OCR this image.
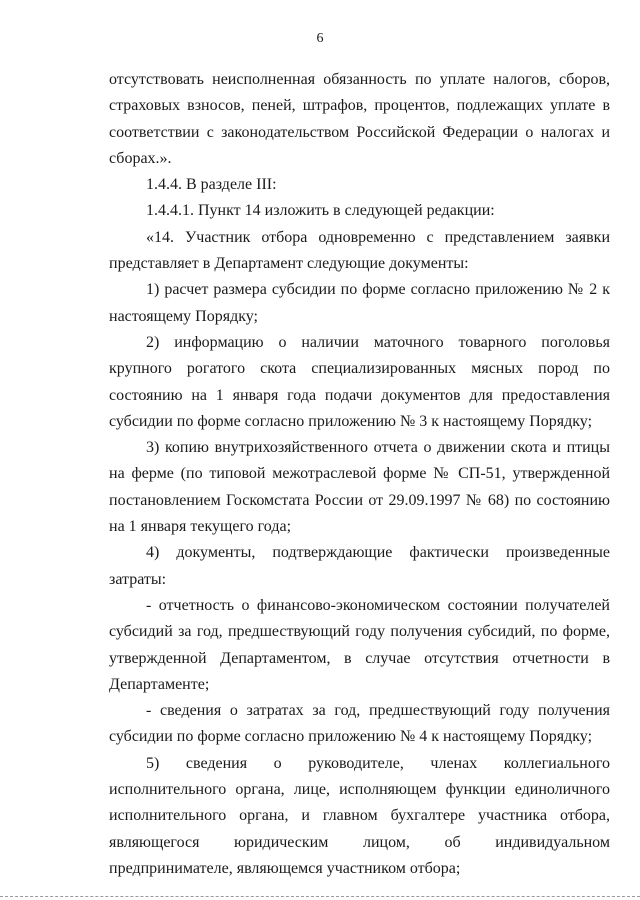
6

отсутствовать неисполненная обязанность по уплате налогов, сборов, страховых взносов, пеней, штрафов, процентов, подлежащих уплате в соответствии с законодательством Российской Федерации о налогах и сборах.».

1.4.4. В разделе III:

1.4.4.1. Пункт 14 изложить в следующей редакции:

«14. Участник отбора одновременно с представлением заявки представляет в Департамент следующие документы:

1) расчет размера субсидии по форме согласно приложению № 2 к настоящему Порядку;

2) информацию о наличии маточного товарного поголовья крупного рогатого скота специализированных мясных пород по состоянию на 1 января года подачи документов для предоставления субсидии по форме согласно приложению № 3 к настоящему Порядку;

3) копию внутрихозяйственного отчета о движении скота и птицы на ферме (по типовой межотраслевой форме № СП-51, утвержденной постановлением Госкомстата России от 29.09.1997 № 68) по состоянию на 1 января текущего года;

4) документы, подтверждающие фактически произведенные затраты:

- отчетность о финансово-экономическом состоянии получателей субсидий за год, предшествующий году получения субсидий, по форме, утвержденной Департаментом, в случае отсутствия отчетности в Департаменте;

- сведения о затратах за год, предшествующий году получения субсидии по форме согласно приложению № 4 к настоящему Порядку;

5) сведения о руководителе, членах коллегиального исполнительного органа, лице, исполняющем функции единоличного исполнительного органа, и главном бухгалтере участника отбора, являющегося юридическим лицом, об индивидуальном предпринимателе, являющемся участником отбора;
